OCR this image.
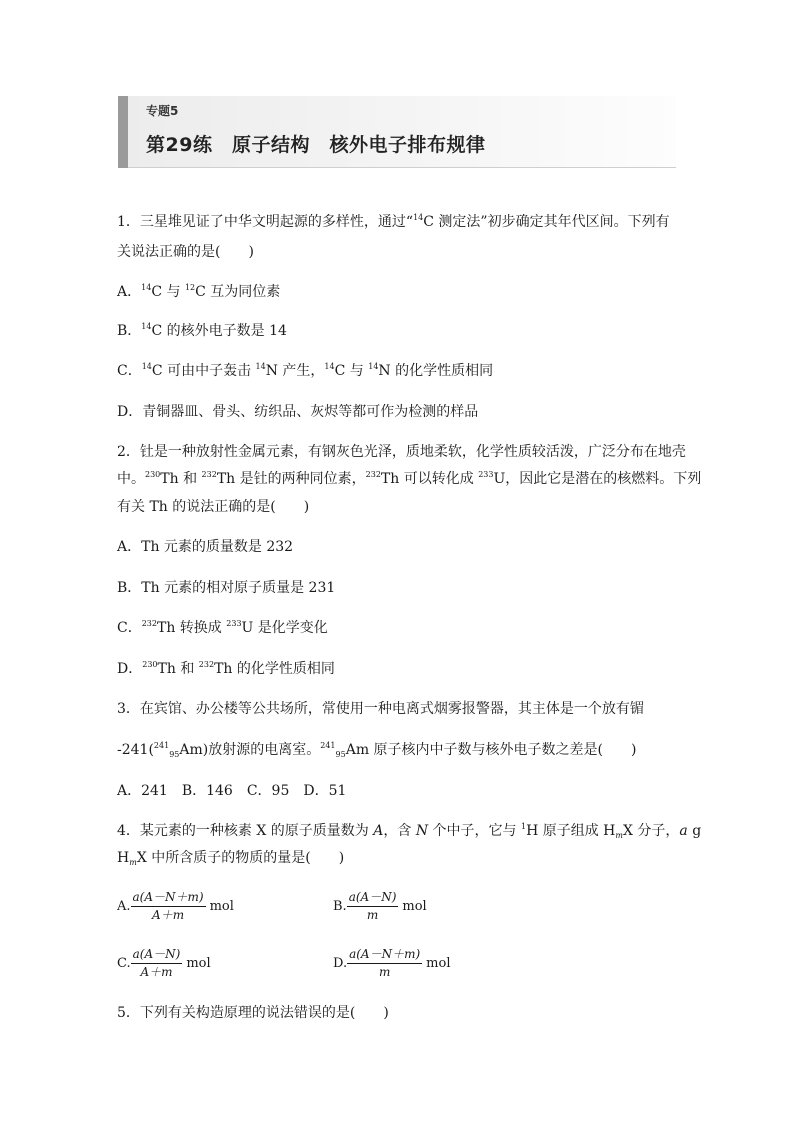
专题5
第29练　原子结构　核外电子排布规律
1．三星堆见证了中华文明起源的多样性，通过“$^{14}$C 测定法”初步确定其年代区间。下列有
关说法正确的是(　　)
A．$^{14}$C 与 $^{12}$C 互为同位素
B．$^{14}$C 的核外电子数是 14
C．$^{14}$C 可由中子轰击 $^{14}$N 产生，$^{14}$C 与 $^{14}$N 的化学性质相同
D．青铜器皿、骨头、纺织品、灰烬等都可作为检测的样品
2．钍是一种放射性金属元素，有钢灰色光泽，质地柔软，化学性质较活泼，广泛分布在地壳
中。$^{230}$Th 和 $^{232}$Th 是钍的两种同位素，$^{232}$Th 可以转化成 $^{233}$U，因此它是潜在的核燃料。下列
有关 Th 的说法正确的是(　　)
A．Th 元素的质量数是 232
B．Th 元素的相对原子质量是 231
C．$^{232}$Th 转换成 $^{233}$U 是化学变化
D．$^{230}$Th 和 $^{232}$Th 的化学性质相同
3．在宾馆、办公楼等公共场所，常使用一种电离式烟雾报警器，其主体是一个放有镅
-241($^{241}_{95}$Am)放射源的电离室。$^{241}_{95}$Am 原子核内中子数与核外电子数之差是(　　)
A．241　B．146　C．95　D．51
4．某元素的一种核素 X 的原子质量数为 A，含 N 个中子，它与 $^1$H 原子组成 $H_mX$ 分子，a g
$H_mX$ 中所含质子的物质的量是(　　)
A. $\frac{a(A-N+m)}{A+m}$ mol	B. $\frac{a(A-N)}{m}$ mol
C. $\frac{a(A-N)}{A+m}$ mol	D. $\frac{a(A-N+m)}{m}$ mol
5．下列有关构造原理的说法错误的是(　　)
